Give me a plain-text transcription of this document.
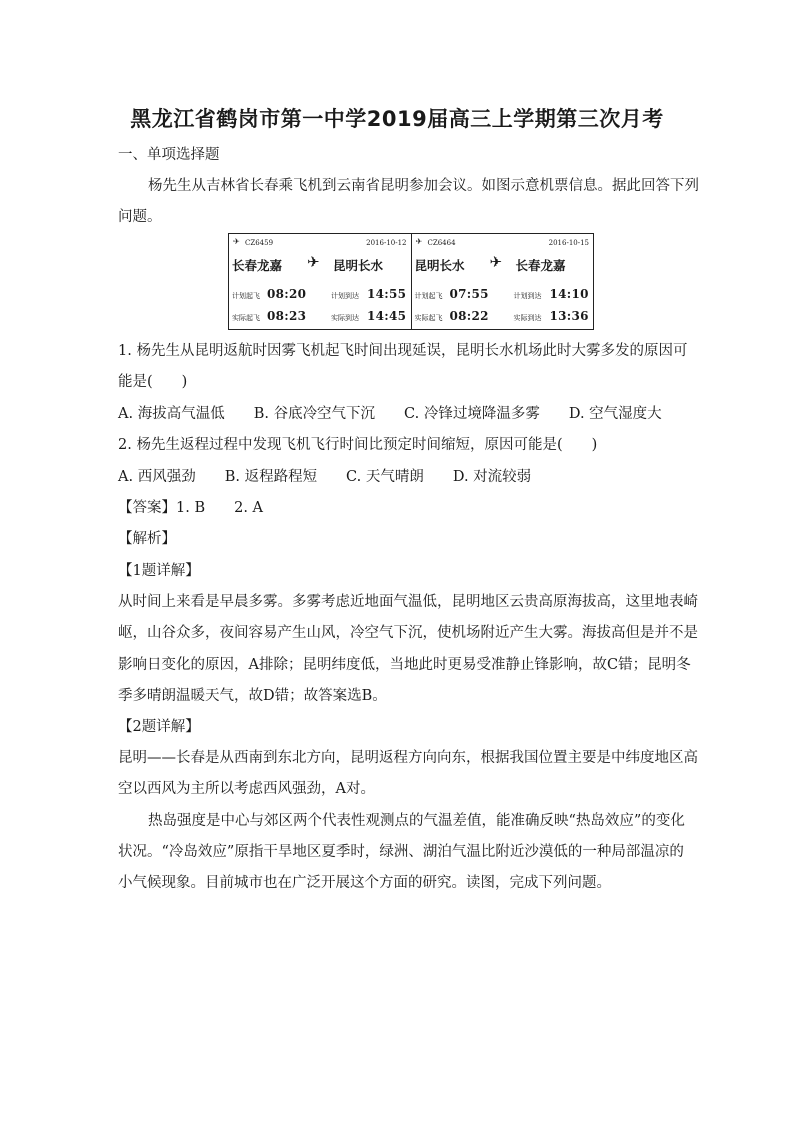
黑龙江省鹤岗市第一中学2019届高三上学期第三次月考
一、单项选择题
杨先生从吉林省长春乘飞机到云南省昆明参加会议。如图示意机票信息。据此回答下列
问题。
✈ CZ6459	2016-10-12
长春龙嘉 ✈ 昆明长水
计划起飞 08:20	计划到达 14:55
实际起飞 08:23	实际到达 14:45
✈ CZ6464	2016-10-15
昆明长水 ✈ 长春龙嘉
计划起飞 07:55	计划到达 14:10
实际起飞 08:22	实际到达 13:36
1. 杨先生从昆明返航时因雾飞机起飞时间出现延误，昆明长水机场此时大雾多发的原因可
能是(　　)
A. 海拔高气温低　　B. 谷底冷空气下沉　　C. 冷锋过境降温多雾　　D. 空气湿度大
2. 杨先生返程过程中发现飞机飞行时间比预定时间缩短，原因可能是(　　)
A. 西风强劲　　B. 返程路程短　　C. 天气晴朗　　D. 对流较弱
【答案】1. B　　2. A
【解析】
【1题详解】
从时间上来看是早晨多雾。多雾考虑近地面气温低，昆明地区云贵高原海拔高，这里地表崎
岖，山谷众多，夜间容易产生山风，冷空气下沉，使机场附近产生大雾。海拔高但是并不是
影响日变化的原因，A排除；昆明纬度低，当地此时更易受准静止锋影响，故C错；昆明冬
季多晴朗温暖天气，故D错；故答案选B。
【2题详解】
昆明——长春是从西南到东北方向，昆明返程方向向东，根据我国位置主要是中纬度地区高
空以西风为主所以考虑西风强劲，A对。
热岛强度是中心与郊区两个代表性观测点的气温差值，能准确反映“热岛效应”的变化
状况。“冷岛效应”原指干旱地区夏季时，绿洲、湖泊气温比附近沙漠低的一种局部温凉的
小气候现象。目前城市也在广泛开展这个方面的研究。读图，完成下列问题。
